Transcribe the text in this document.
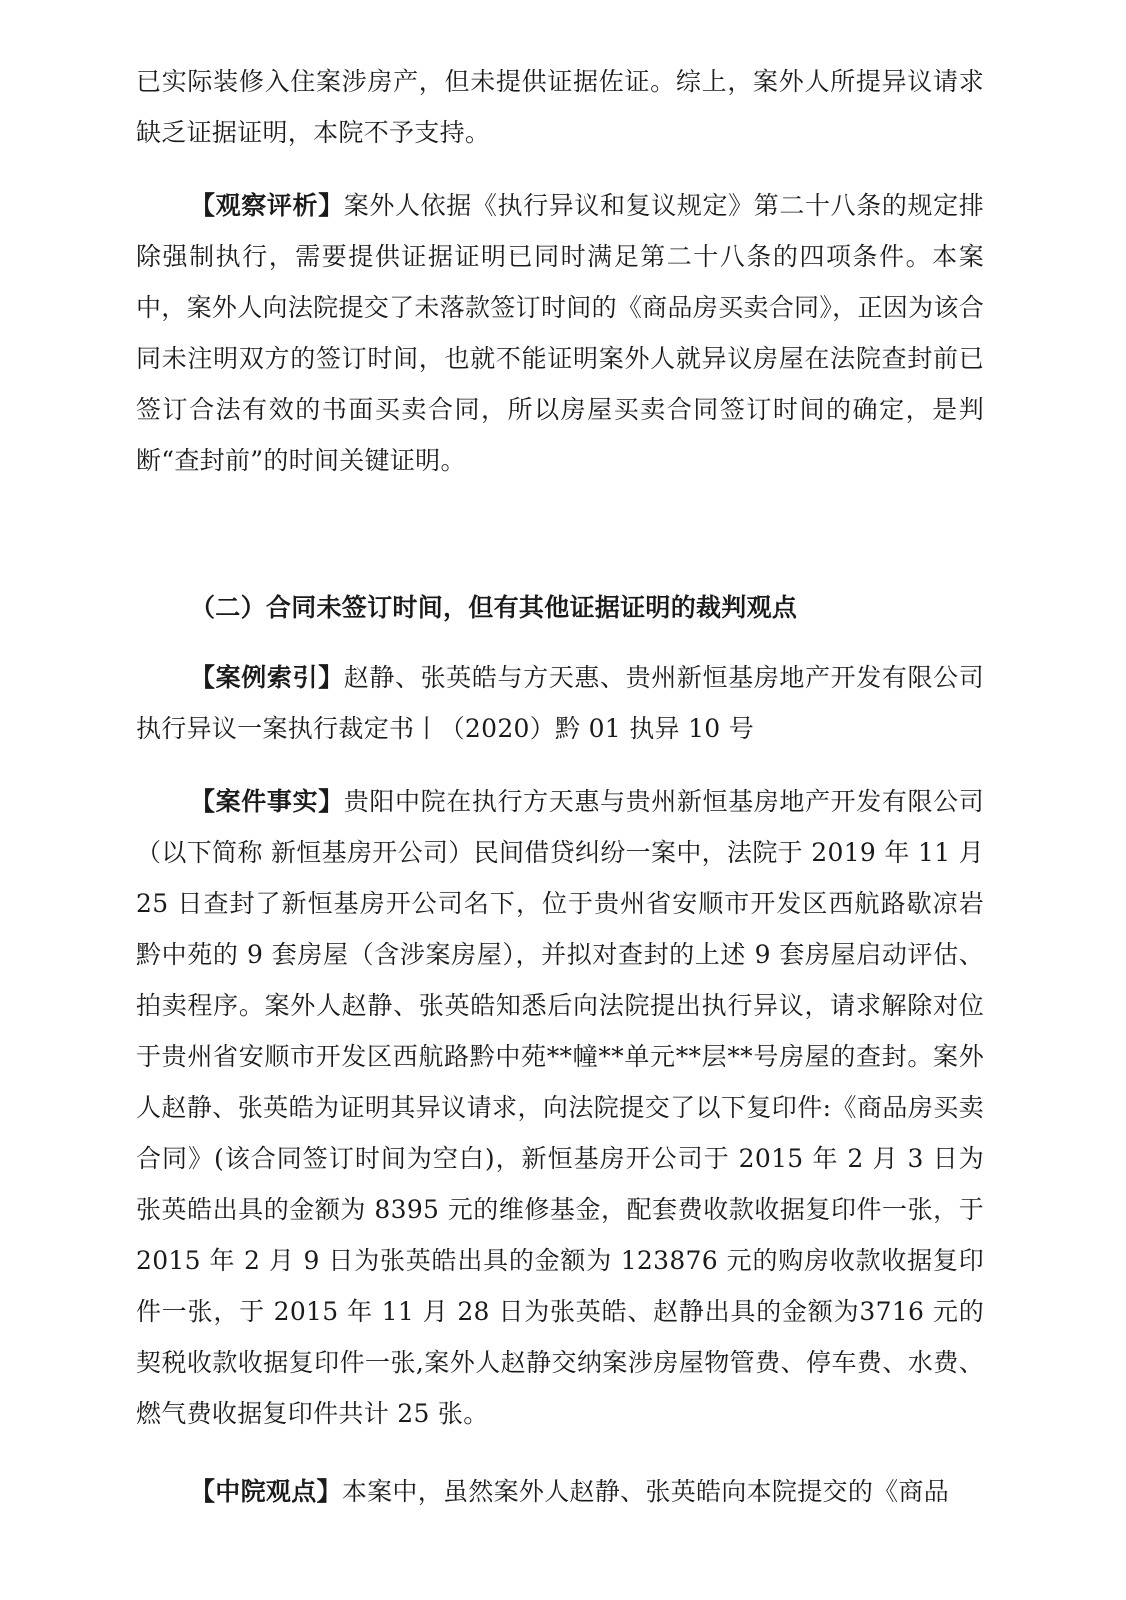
已实际装修入住案涉房产，但未提供证据佐证。综上，案外人所提异议请求缺乏证据证明，本院不予支持。

【观察评析】案外人依据《执行异议和复议规定》第二十八条的规定排除强制执行，需要提供证据证明已同时满足第二十八条的四项条件。本案中，案外人向法院提交了未落款签订时间的《商品房买卖合同》，正因为该合同未注明双方的签订时间，也就不能证明案外人就异议房屋在法院查封前已签订合法有效的书面买卖合同，所以房屋买卖合同签订时间的确定，是判断“查封前”的时间关键证明。

（二）合同未签订时间，但有其他证据证明的裁判观点

【案例索引】赵静、张英皓与方天惠、贵州新恒基房地产开发有限公司执行异议一案执行裁定书丨（2020）黔 01 执异 10 号

【案件事实】贵阳中院在执行方天惠与贵州新恒基房地产开发有限公司（以下简称 新恒基房开公司）民间借贷纠纷一案中，法院于 2019 年 11 月 25 日查封了新恒基房开公司名下，位于贵州省安顺市开发区西航路歇凉岩黔中苑的 9 套房屋（含涉案房屋），并拟对查封的上述 9 套房屋启动评估、拍卖程序。案外人赵静、张英皓知悉后向法院提出执行异议，请求解除对位于贵州省安顺市开发区西航路黔中苑**幢**单元**层**号房屋的查封。案外人赵静、张英皓为证明其异议请求，向法院提交了以下复印件:《商品房买卖合同》(该合同签订时间为空白)，新恒基房开公司于 2015 年 2 月 3 日为张英皓出具的金额为 8395 元的维修基金，配套费收款收据复印件一张，于 2015 年 2 月 9 日为张英皓出具的金额为 123876 元的购房收款收据复印件一张，于 2015 年 11 月 28 日为张英皓、赵静出具的金额为3716 元的契税收款收据复印件一张,案外人赵静交纳案涉房屋物管费、停车费、水费、燃气费收据复印件共计 25 张。

【中院观点】本案中，虽然案外人赵静、张英皓向本院提交的《商品
